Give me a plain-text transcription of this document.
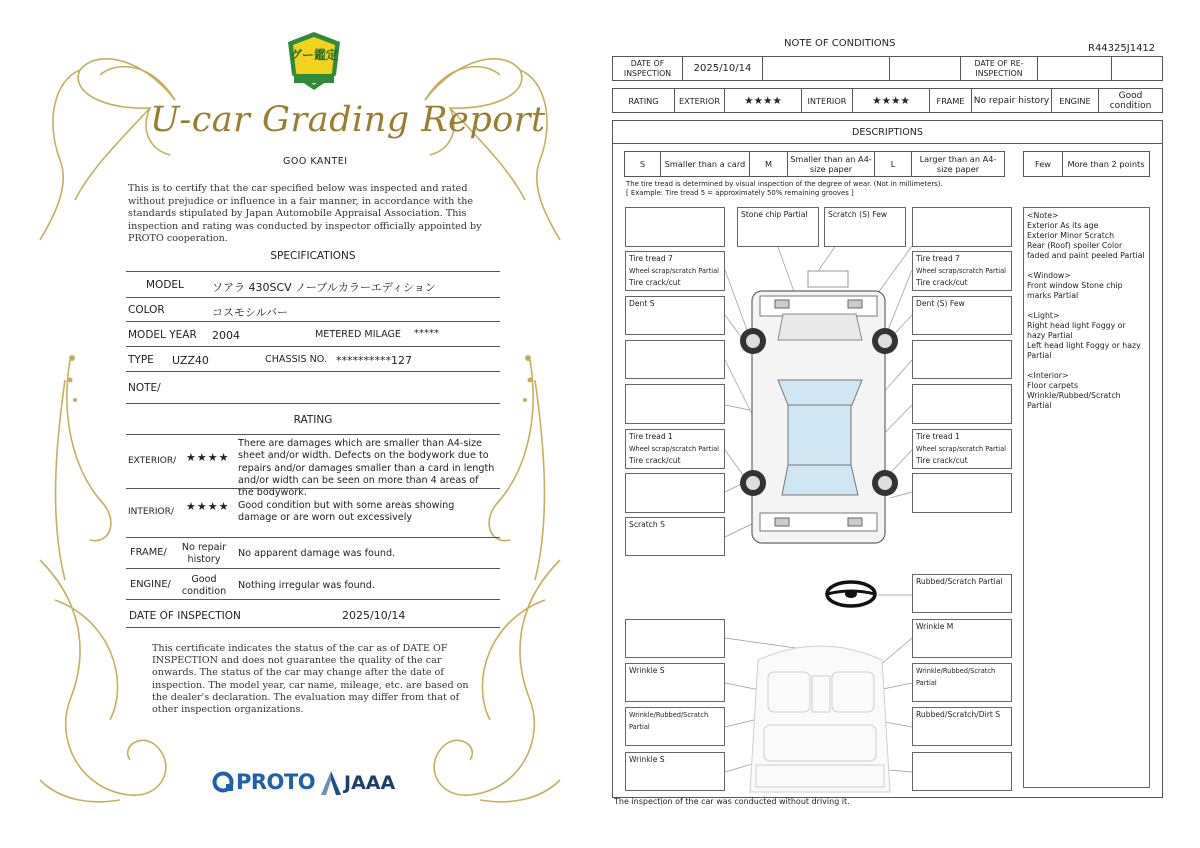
グー鑑定
U-car Grading Report
GOO KANTEI
This is to certify that the car specified below was inspected and rated without prejudice or influence in a fair manner, in accordance with the standards stipulated by Japan Automobile Appraisal Association. This inspection and rating was conducted by inspector officially appointed by PROTO cooperation.
SPECIFICATIONS
MODEL	ソアラ 430SCV ノーブルカラーエディション
COLOR	コスモシルバー
MODEL YEAR 2004	METERED MILAGE *****
TYPE UZZ40	CHASSIS NO. **********127
NOTE/
RATING
EXTERIOR/ ★★★★
There are damages which are smaller than A4-size sheet and/or width. Defects on the bodywork due to repairs and/or damages smaller than a card in length and/or width can be seen on more than 4 areas of the bodywork.
INTERIOR/ ★★★★ Good condition but with some areas showing damage or are worn out excessively
FRAME/	No repair history	No apparent damage was found.
ENGINE/	Good condition	Nothing irregular was found.
DATE OF INSPECTION	2025/10/14
This certificate indicates the status of the car as of DATE OF INSPECTION and does not guarantee the quality of the car onwards. The status of the car may change after the date of inspection. The model year, car name, mileage, etc. are based on the dealer's declaration. The evaluation may differ from that of other inspection organizations.
PROTO JAAA
NOTE OF CONDITIONS	R44325J1412
DATE OF INSPECTION	2025/10/14	DATE OF RE-INSPECTION
RATING	EXTERIOR	★★★★	INTERIOR	★★★★	FRAME	No repair history	ENGINE	Good condition
DESCRIPTIONS
S	Smaller than a card	M	Smaller than an A4-size paper	L	Larger than an A4-size paper	Few	More than 2 points
The tire tread is determined by visual inspection of the degree of wear. (Not in millimeters).
[ Example: Tire tread 5 = approximately 50% remaining grooves ]
Stone chip Partial	Scratch (S) Few
Tire tread 7
Wheel scrap/scratch Partial
Tire crack/cut
Tire tread 7
Wheel scrap/scratch Partial
Tire crack/cut
Dent S	Dent (S) Few
Tire tread 1
Wheel scrap/scratch Partial
Tire crack/cut
Tire tread 1
Wheel scrap/scratch Partial
Tire crack/cut
Scratch S
Rubbed/Scratch Partial
Wrinkle M
Wrinkle S	Wrinkle/Rubbed/Scratch Partial
Wrinkle/Rubbed/Scratch Partial
Rubbed/Scratch/Dirt S
Wrinkle S
<Note>
Exterior As its age
Exterior Minor Scratch
Rear (Roof) spoiler Color faded and paint peeled Partial

<Window>
Front window Stone chip marks Partial

<Light>
Right head light Foggy or hazy Partial
Left head light Foggy or hazy Partial

<Interior>
Floor carpets
Wrinkle/Rubbed/Scratch Partial
The inspection of the car was conducted without driving it.
